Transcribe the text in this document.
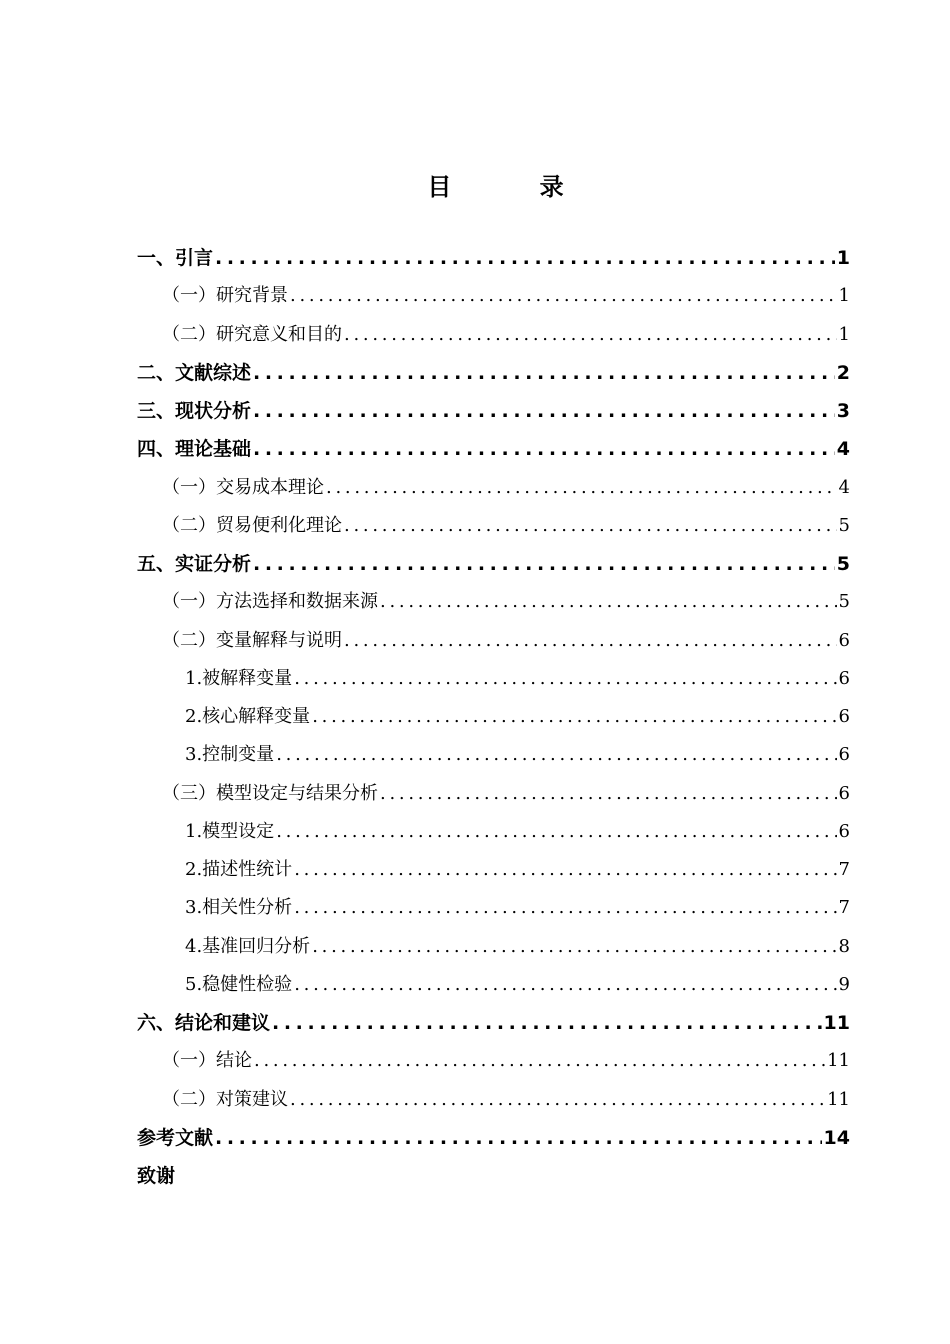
目 录
一、引言 . . .	1
（一）研究背景 . . .	1
（二）研究意义和目的 . . .	1
二、文献综述 . . .	2
三、现状分析 . . .	3
四、理论基础 . . .	4
（一）交易成本理论 . . .	4
（二）贸易便利化理论 . . .	5
五、实证分析 . . .	5
（一）方法选择和数据来源 . . .	5
（二）变量解释与说明 . . .	6
1.被解释变量 . . .	6
2.核心解释变量 . . .	6
3.控制变量 . . .	6
（三）模型设定与结果分析 . . .	6
1.模型设定 . . .	6
2.描述性统计 . . .	7
3.相关性分析 . . .	7
4.基准回归分析 . . .	8
5.稳健性检验 . . .	9
六、结论和建议 . . .	11
（一）结论 . . .	11
（二）对策建议 . . .	11
参考文献 . . .	14
致谢
